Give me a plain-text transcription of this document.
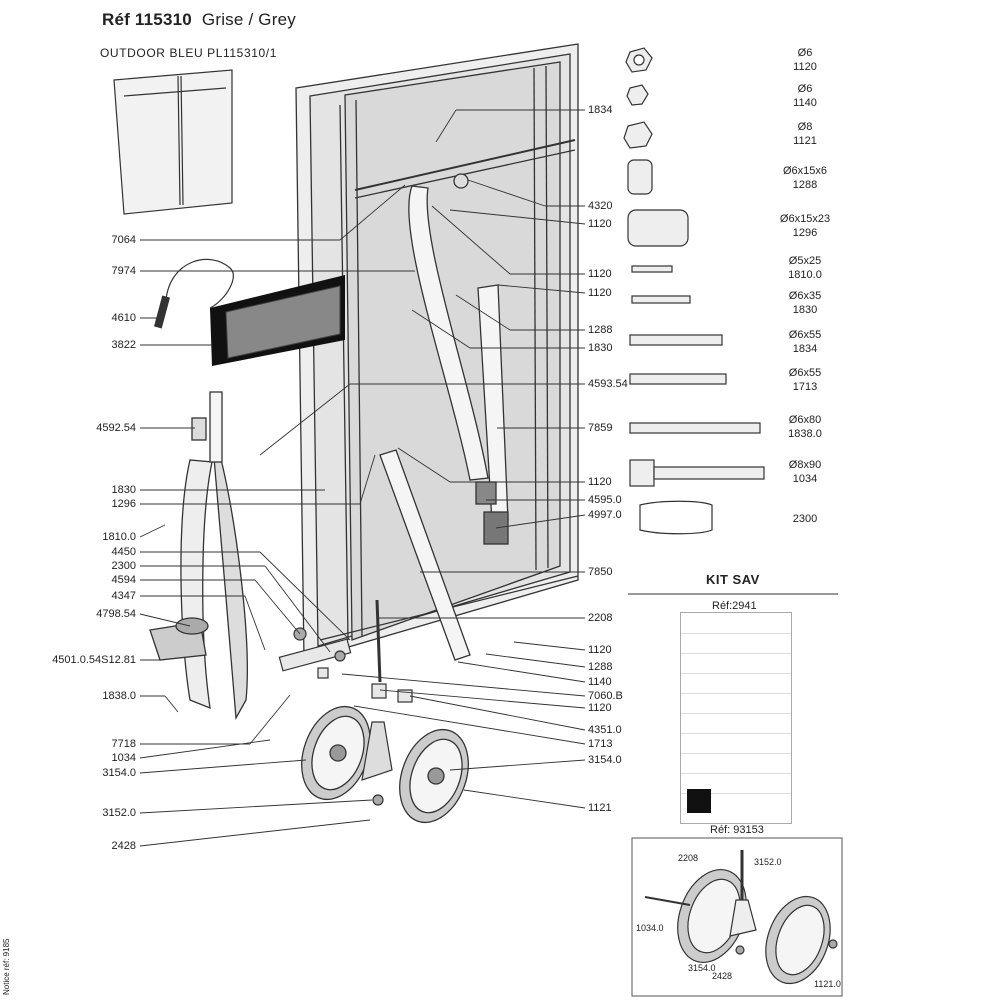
Réf 115310 Grise / Grey
OUTDOOR BLEU PL115310/1
7064
7974
4610
3822
4592.54
1830
1296
1810.0
4450
2300
4594
4347
4798.54
4501.0.54S12.81
1838.0
7718
1034
3154.0
3152.0
2428
1834
4320
1120
1120
1120
1288
1830
4593.54
7859
1120
4595.0
4997.0
7850
2208
1120
1288
1140
7060.B
1120
4351.0
1713
3154.0
1121
Ø6
1120
Ø6
1140
Ø8
1121
Ø6x15x6
1288
Ø6x15x23
1296
Ø5x25
1810.0
Ø6x35
1830
Ø6x55
1834
Ø6x55
1713
Ø6x80
1838.0
Ø8x90
1034
2300
KIT SAV
Réf:2941
Réf: 93153
2208	3152.0
1034.0
3154.0
2428
1121.0
Notice réf: 9185
